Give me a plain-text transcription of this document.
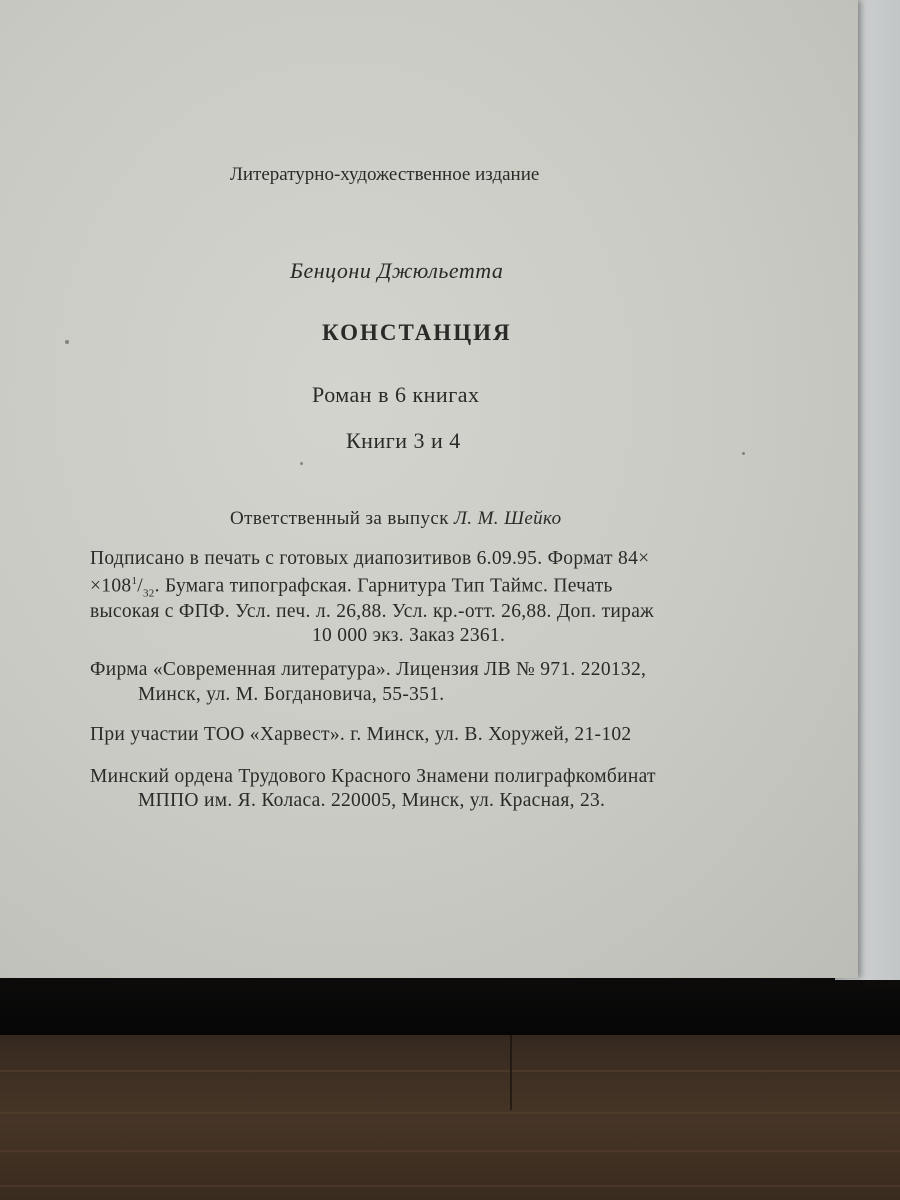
Литературно-художественное издание
Бенцони Джюльетта
КОНСТАНЦИЯ
Роман в 6 книгах
Книги 3 и 4
Ответственный за выпуск Л. М. Шейко
Подписано в печать с готовых диапозитивов 6.09.95. Формат 84×
$\times 108^1/_{32}$. Бумага типографская. Гарнитура Тип Таймс. Печать
высокая с ФПФ. Усл. печ. л. 26,88. Усл. кр.-отт. 26,88. Доп. тираж
10 000 экз. Заказ 2361.
Фирма «Современная литература». Лицензия ЛВ № 971. 220132,
Минск, ул. М. Богдановича, 55-351.
При участии ТОО «Харвест». г. Минск, ул. В. Хоружей, 21-102
Минский ордена Трудового Красного Знамени полиграфкомбинат
МППО им. Я. Коласа. 220005, Минск, ул. Красная, 23.
